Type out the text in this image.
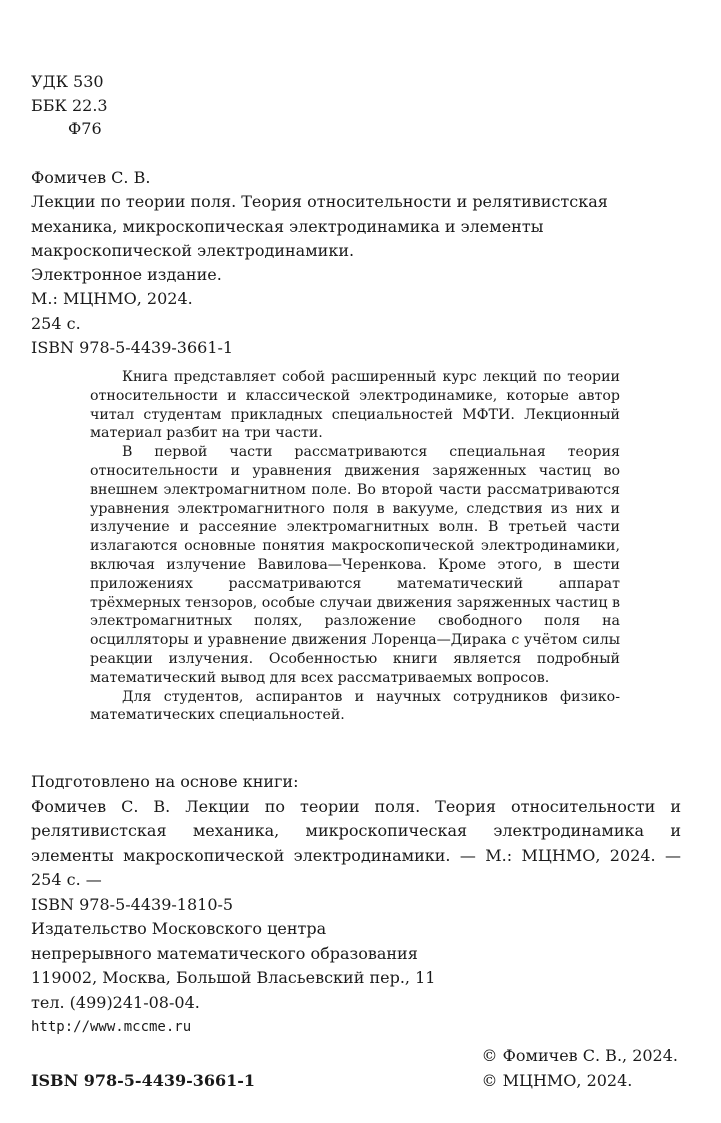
УДК 530
ББК 22.3
Ф76
Фомичев С. В.
Лекции по теории поля. Теория относительности и релятивистская механика, микроскопическая электродинамика и элементы макроскопической электродинамики.
Электронное издание.
М.: МЦНМО, 2024.
254 с.
ISBN 978-5-4439-3661-1

Книга представляет собой расширенный курс лекций по теории относительности и классической электродинамике, которые автор читал студентам прикладных специальностей МФТИ. Лекционный материал разбит на три части.

В первой части рассматриваются специальная теория относительности и уравнения движения заряженных частиц во внешнем электромагнитном поле. Во второй части рассматриваются уравнения электромагнитного поля в вакууме, следствия из них и излучение и рассеяние электромагнитных волн. В третьей части излагаются основные понятия макроскопической электродинамики, включая излучение Вавилова—Черенкова. Кроме этого, в шести приложениях рассматриваются математический аппарат трёхмерных тензоров, особые случаи движения заряженных частиц в электромагнитных полях, разложение свободного поля на осцилляторы и уравнение движения Лоренца—Дирака с учётом силы реакции излучения. Особенностью книги является подробный математический вывод для всех рассматриваемых вопросов.

Для студентов, аспирантов и научных сотрудников физико-математических специальностей.

Подготовлено на основе книги:
Фомичев С. В. Лекции по теории поля. Теория относительности и релятивистская механика, микроскопическая электродинамика и элементы макроскопической электродинамики. — М.: МЦНМО, 2024. — 254 с. —
ISBN 978-5-4439-1810-5
Издательство Московского центра
непрерывного математического образования
119002, Москва, Большой Власьевский пер., 11
тел. (499)241-08-04.
http://www.mccme.ru
ISBN 978-5-4439-3661-1
© Фомичев С. В., 2024.
© МЦНМО, 2024.
